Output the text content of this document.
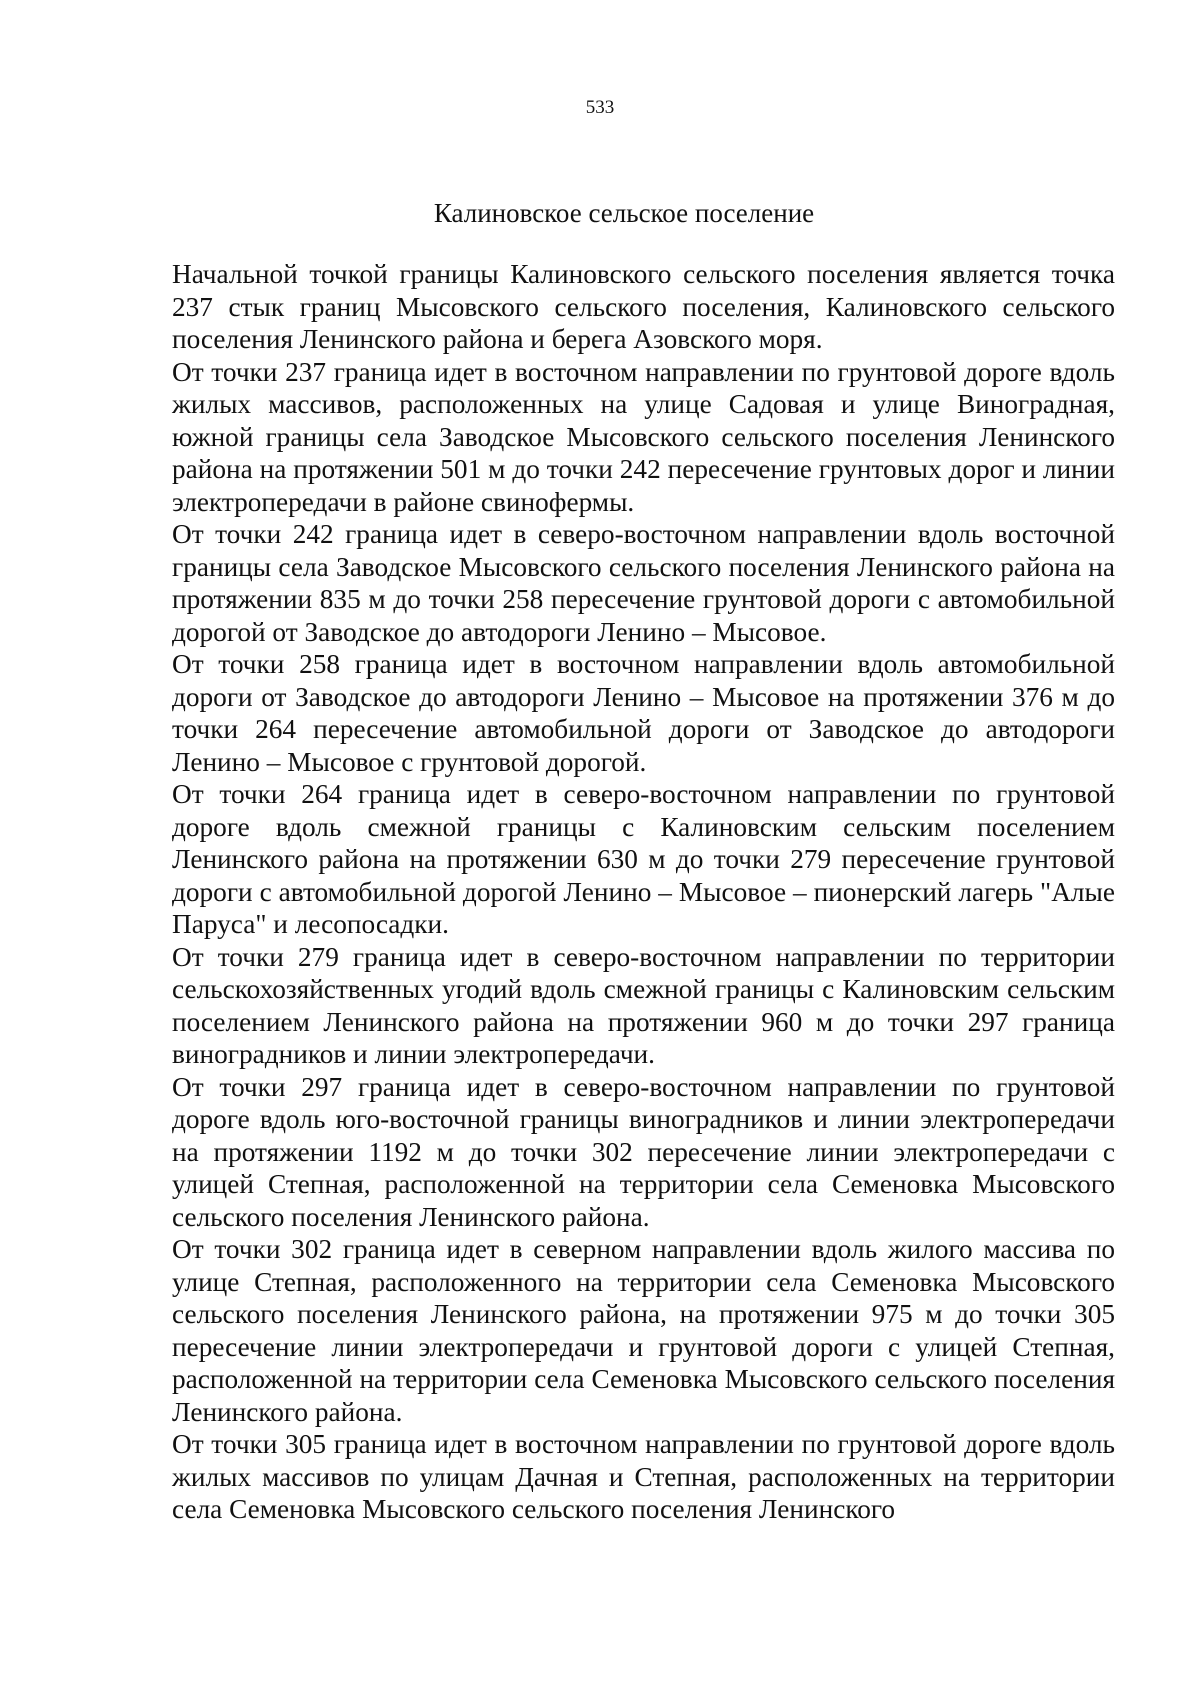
533
Калиновское сельское поселение

Начальной точкой границы Калиновского сельского поселения является точка 237 стык границ Мысовского сельского поселения, Калиновского сельского поселения Ленинского района и берега Азовского моря.

От точки 237 граница идет в восточном направлении по грунтовой дороге вдоль жилых массивов, расположенных на улице Садовая и улице Виноградная, южной границы села Заводское Мысовского сельского поселения Ленинского района на протяжении 501 м до точки 242 пересечение грунтовых дорог и линии электропередачи в районе свинофермы.

От точки 242 граница идет в северо-восточном направлении вдоль восточной границы села Заводское Мысовского сельского поселения Ленинского района на протяжении 835 м до точки 258 пересечение грунтовой дороги с автомобильной дорогой от Заводское до автодороги Ленино – Мысовое.

От точки 258 граница идет в восточном направлении вдоль автомобильной дороги от Заводское до автодороги Ленино – Мысовое на протяжении 376 м до точки 264 пересечение автомобильной дороги от Заводское до автодороги Ленино – Мысовое с грунтовой дорогой.

От точки 264 граница идет в северо-восточном направлении по грунтовой дороге вдоль смежной границы с Калиновским сельским поселением Ленинского района на протяжении 630 м до точки 279 пересечение грунтовой дороги с автомобильной дорогой Ленино – Мысовое – пионерский лагерь "Алые Паруса" и лесопосадки.

От точки 279 граница идет в северо-восточном направлении по территории сельскохозяйственных угодий вдоль смежной границы с Калиновским сельским поселением Ленинского района на протяжении 960 м до точки 297 граница виноградников и линии электропередачи.

От точки 297 граница идет в северо-восточном направлении по грунтовой дороге вдоль юго-восточной границы виноградников и линии электропередачи на протяжении 1192 м до точки 302 пересечение линии электропередачи с улицей Степная, расположенной на территории села Семеновка Мысовского сельского поселения Ленинского района.

От точки 302 граница идет в северном направлении вдоль жилого массива по улице Степная, расположенного на территории села Семеновка Мысовского сельского поселения Ленинского района, на протяжении 975 м до точки 305 пересечение линии электропередачи и грунтовой дороги с улицей Степная, расположенной на территории села Семеновка Мысовского сельского поселения Ленинского района.

От точки 305 граница идет в восточном направлении по грунтовой дороге вдоль жилых массивов по улицам Дачная и Степная, расположенных на территории села Семеновка Мысовского сельского поселения Ленинского
